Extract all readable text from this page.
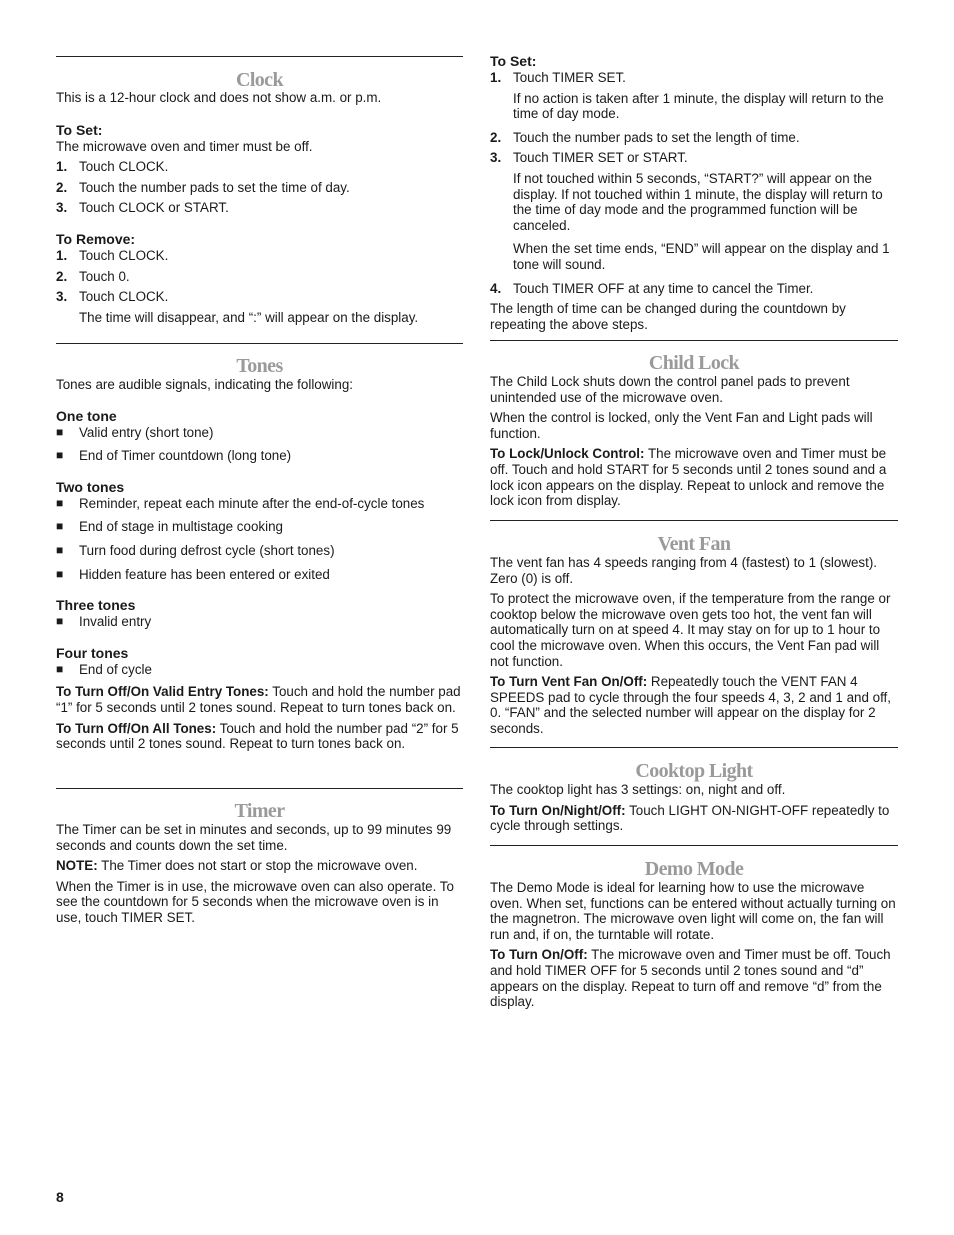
Clock

This is a 12-hour clock and does not show a.m. or p.m.

To Set:

The microwave oven and timer must be off.

1. Touch CLOCK.
2. Touch the number pads to set the time of day.
3. Touch CLOCK or START.

To Remove:

1. Touch CLOCK.
2. Touch 0.
3. Touch CLOCK.

The time will disappear, and “:” will appear on the display.

Tones

Tones are audible signals, indicating the following:

One tone

■	Valid entry (short tone)
■	End of Timer countdown (long tone)

Two tones

■	Reminder, repeat each minute after the end-of-cycle tones
■	End of stage in multistage cooking
■	Turn food during defrost cycle (short tones)
■	Hidden feature has been entered or exited

Three tones

■	Invalid entry

Four tones

■	End of cycle

To Turn Off/On Valid Entry Tones: Touch and hold the number pad “1” for 5 seconds until 2 tones sound. Repeat to turn tones back on.

To Turn Off/On All Tones: Touch and hold the number pad “2” for 5 seconds until 2 tones sound. Repeat to turn tones back on.

Timer

The Timer can be set in minutes and seconds, up to 99 minutes 99 seconds and counts down the set time.

NOTE: The Timer does not start or stop the microwave oven.

When the Timer is in use, the microwave oven can also operate. To see the countdown for 5 seconds when the microwave oven is in use, touch TIMER SET.

To Set:

1. Touch TIMER SET.

If no action is taken after 1 minute, the display will return to the time of day mode.

2. Touch the number pads to set the length of time.
3. Touch TIMER SET or START.

If not touched within 5 seconds, “START?” will appear on the display. If not touched within 1 minute, the display will return to the time of day mode and the programmed function will be canceled.

When the set time ends, “END” will appear on the display and 1 tone will sound.

4. Touch TIMER OFF at any time to cancel the Timer.

The length of time can be changed during the countdown by repeating the above steps.

Child Lock

The Child Lock shuts down the control panel pads to prevent unintended use of the microwave oven.

When the control is locked, only the Vent Fan and Light pads will function.

To Lock/Unlock Control: The microwave oven and Timer must be off. Touch and hold START for 5 seconds until 2 tones sound and a lock icon appears on the display. Repeat to unlock and remove the lock icon from display.

Vent Fan

The vent fan has 4 speeds ranging from 4 (fastest) to 1 (slowest). Zero (0) is off.

To protect the microwave oven, if the temperature from the range or cooktop below the microwave oven gets too hot, the vent fan will automatically turn on at speed 4. It may stay on for up to 1 hour to cool the microwave oven. When this occurs, the Vent Fan pad will not function.

To Turn Vent Fan On/Off: Repeatedly touch the VENT FAN 4 SPEEDS pad to cycle through the four speeds 4, 3, 2 and 1 and off, 0. “FAN” and the selected number will appear on the display for 2 seconds.

Cooktop Light

The cooktop light has 3 settings: on, night and off.

To Turn On/Night/Off: Touch LIGHT ON-NIGHT-OFF repeatedly to cycle through settings.

Demo Mode

The Demo Mode is ideal for learning how to use the microwave oven. When set, functions can be entered without actually turning on the magnetron. The microwave oven light will come on, the fan will run and, if on, the turntable will rotate.

To Turn On/Off: The microwave oven and Timer must be off. Touch and hold TIMER OFF for 5 seconds until 2 tones sound and “d” appears on the display. Repeat to turn off and remove “d” from the display.

8
